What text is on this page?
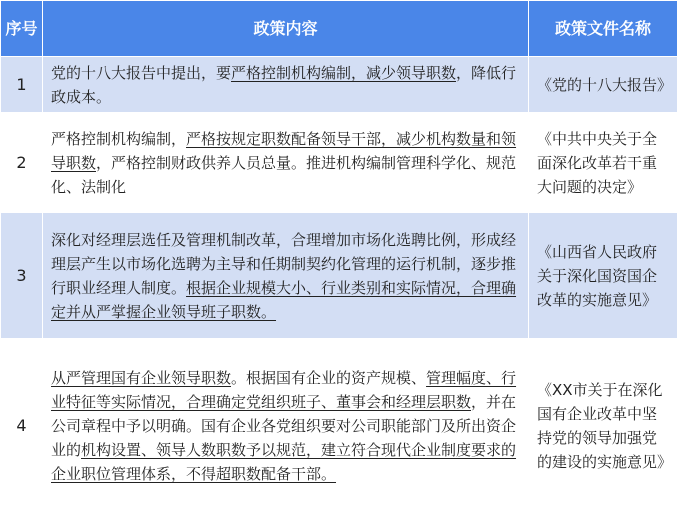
序号	政策内容	政策文件名称
1	党的十八大报告中提出，要严格控制机构编制，减少领导职数，降低行政成本。	《党的十八大报告》
2	严格控制机构编制，严格按规定职数配备领导干部，减少机构数量和领导职数，严格控制财政供养人员总量。推进机构编制管理科学化、规范化、法制化	《中共中央关于全面深化改革若干重大问题的决定》
3	深化对经理层选任及管理机制改革，合理增加市场化选聘比例，形成经理层产生以市场化选聘为主导和任期制契约化管理的运行机制，逐步推行职业经理人制度。根据企业规模大小、行业类别和实际情况，合理确定并从严掌握企业领导班子职数。	《山西省人民政府关于深化国资国企改革的实施意见》
4	从严管理国有企业领导职数。根据国有企业的资产规模、管理幅度、行业特征等实际情况，合理确定党组织班子、董事会和经理层职数，并在公司章程中予以明确。国有企业各党组织要对公司职能部门及所出资企业的机构设置、领导人数职数予以规范，建立符合现代企业制度要求的企业职位管理体系，不得超职数配备干部。	《XX市关于在深化国有企业改革中坚持党的领导加强党的建设的实施意见》
